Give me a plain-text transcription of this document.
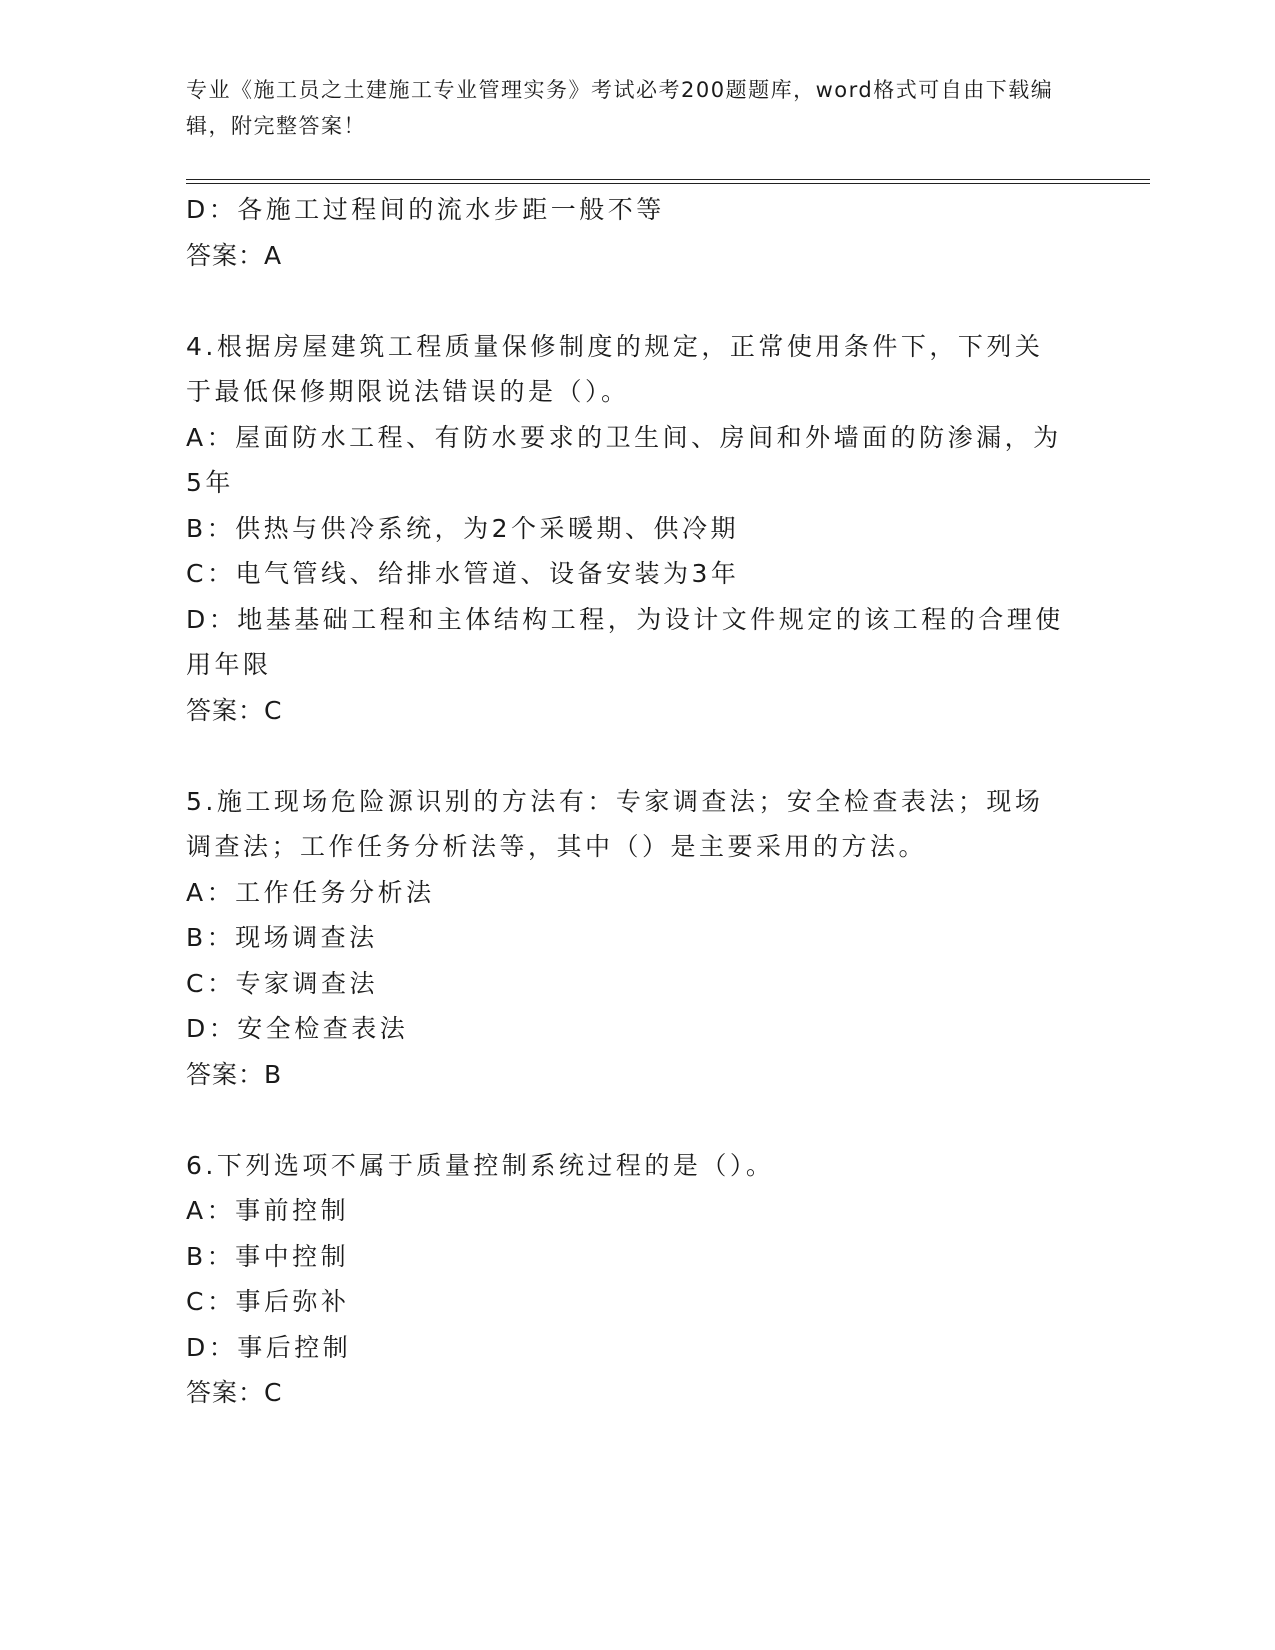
专业《施工员之土建施工专业管理实务》考试必考200题题库，word格式可自由下载编辑，附完整答案！
D：各施工过程间的流水步距一般不等
答案：A
4.根据房屋建筑工程质量保修制度的规定，正常使用条件下，下列关
于最低保修期限说法错误的是（）。
A：屋面防水工程、有防水要求的卫生间、房间和外墙面的防渗漏，为
5年
B：供热与供冷系统，为2个采暖期、供冷期
C：电气管线、给排水管道、设备安装为3年
D：地基基础工程和主体结构工程，为设计文件规定的该工程的合理使
用年限
答案：C
5.施工现场危险源识别的方法有：专家调查法；安全检查表法；现场
调查法；工作任务分析法等，其中（）是主要采用的方法。
A：工作任务分析法
B：现场调查法
C：专家调查法
D：安全检查表法
答案：B
6.下列选项不属于质量控制系统过程的是（）。
A：事前控制
B：事中控制
C：事后弥补
D：事后控制
答案：C
